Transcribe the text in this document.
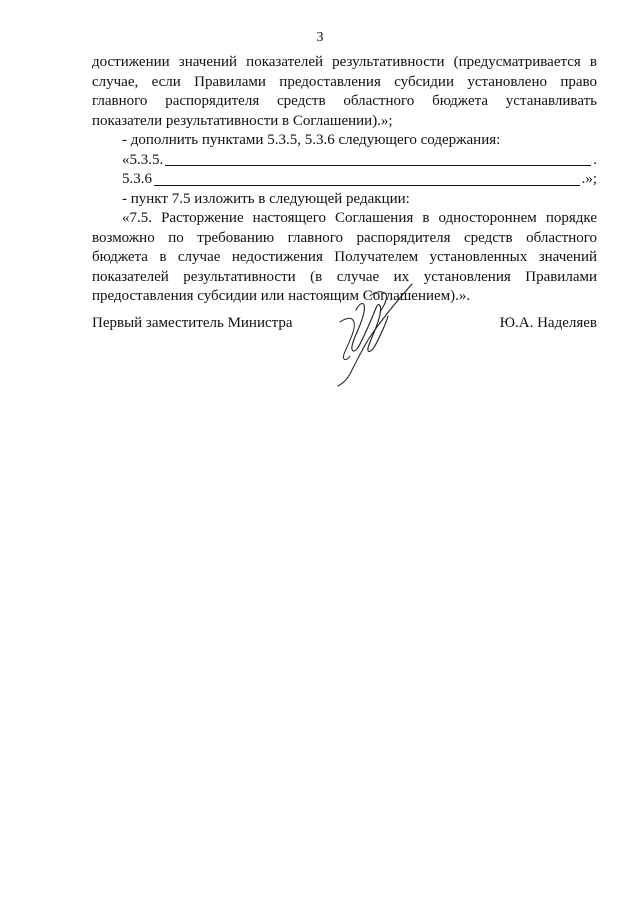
3

достижении значений показателей результативности (предусматривается в случае, если Правилами предоставления субсидии установлено право главного распорядителя средств областного бюджета устанавливать показатели результативности в Соглашении).»;

- дополнить пунктами 5.3.5, 5.3.6 следующего содержания:

«5.3.5.	.
5.3.6	.»;

- пункт 7.5 изложить в следующей редакции:

«7.5. Расторжение настоящего Соглашения в одностороннем порядке возможно по требованию главного распорядителя средств областного бюджета в случае недостижения Получателем установленных значений показателей результативности (в случае их установления Правилами предоставления субсидии или настоящим Соглашением).».

Первый заместитель Министра	Ю.А. Наделяев
